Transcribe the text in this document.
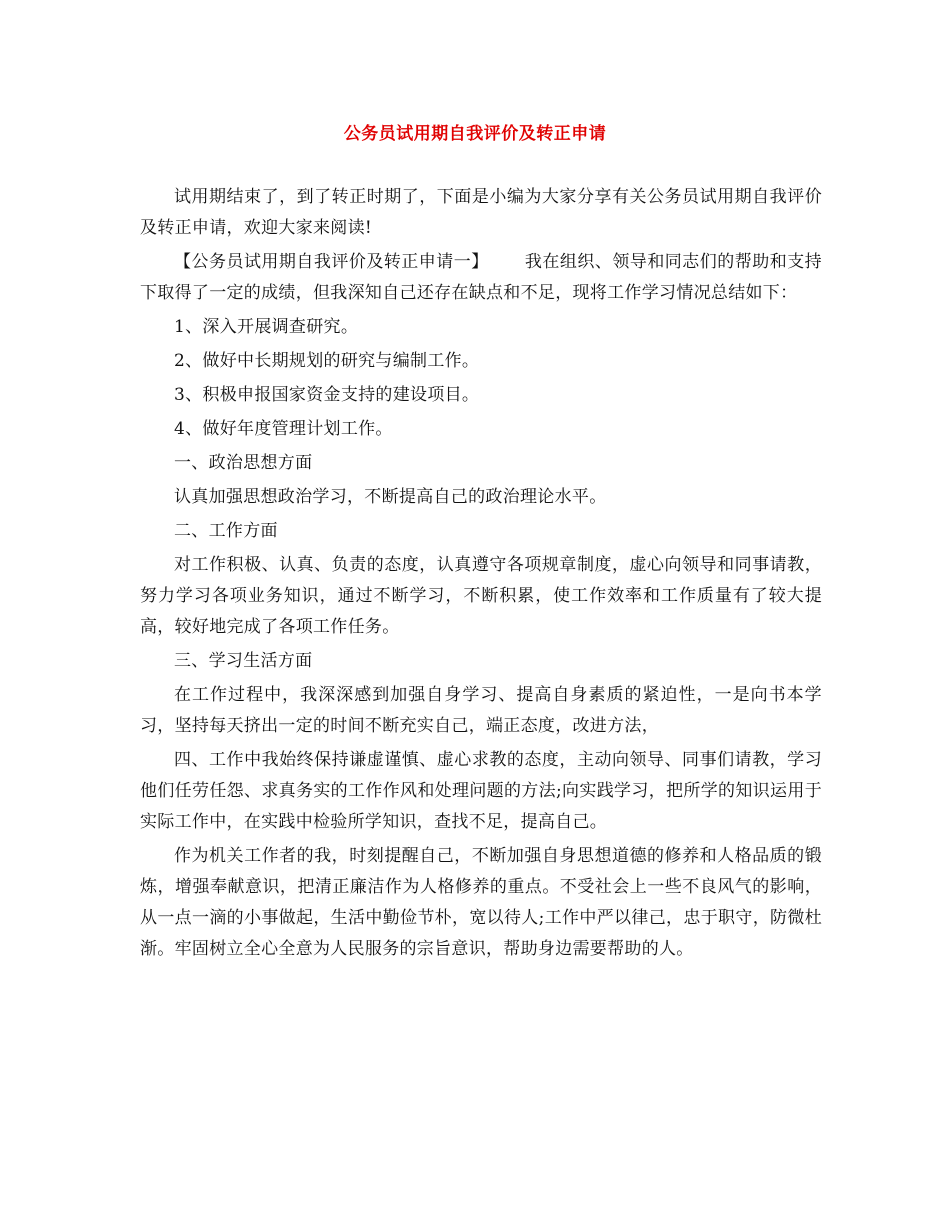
公务员试用期自我评价及转正申请

试用期结束了，到了转正时期了，下面是小编为大家分享有关公务员试用期自我评价及转正申请，欢迎大家来阅读!

【公务员试用期自我评价及转正申请一】 我在组织、领导和同志们的帮助和支持下取得了一定的成绩，但我深知自己还存在缺点和不足，现将工作学习情况总结如下：

1、深入开展调查研究。

2、做好中长期规划的研究与编制工作。

3、积极申报国家资金支持的建设项目。

4、做好年度管理计划工作。

一、政治思想方面

认真加强思想政治学习，不断提高自己的政治理论水平。

二、工作方面

对工作积极、认真、负责的态度，认真遵守各项规章制度，虚心向领导和同事请教，努力学习各项业务知识，通过不断学习，不断积累，使工作效率和工作质量有了较大提高，较好地完成了各项工作任务。

三、学习生活方面

在工作过程中，我深深感到加强自身学习、提高自身素质的紧迫性，一是向书本学习，坚持每天挤出一定的时间不断充实自己，端正态度，改进方法，

四、工作中我始终保持谦虚谨慎、虚心求教的态度，主动向领导、同事们请教，学习他们任劳任怨、求真务实的工作作风和处理问题的方法;向实践学习，把所学的知识运用于实际工作中，在实践中检验所学知识，查找不足，提高自己。

作为机关工作者的我，时刻提醒自己，不断加强自身思想道德的修养和人格品质的锻炼，增强奉献意识，把清正廉洁作为人格修养的重点。不受社会上一些不良风气的影响，从一点一滴的小事做起，生活中勤俭节朴，宽以待人;工作中严以律己，忠于职守，防微杜渐。牢固树立全心全意为人民服务的宗旨意识，帮助身边需要帮助的人。
